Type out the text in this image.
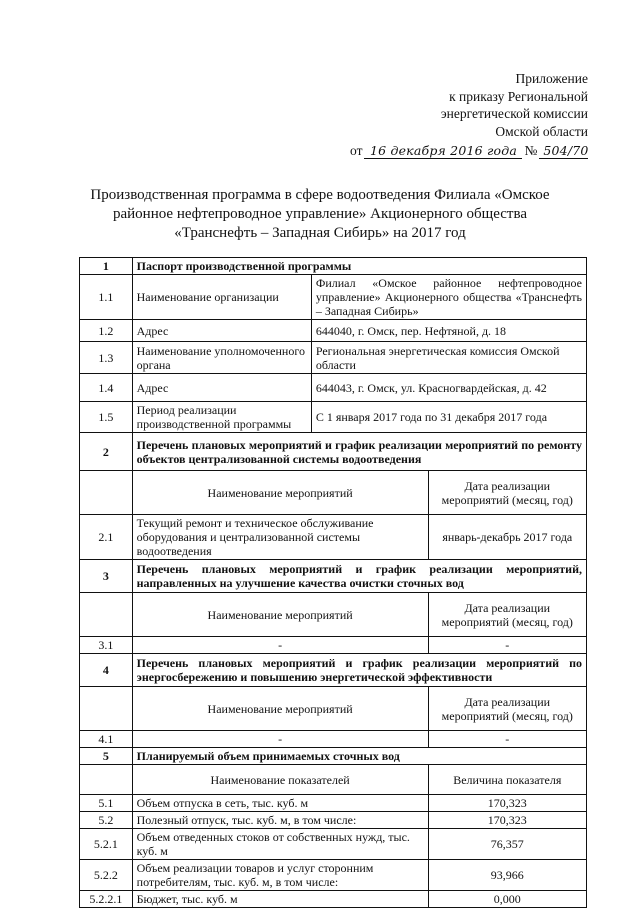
Приложение
к приказу Региональной
энергетической комиссии
Омской области
от 16 декабря 2016 года № 504/70
Производственная программа в сфере водоотведения Филиала «Омское
районное нефтепроводное управление» Акционерного общества
«Транснефть – Западная Сибирь» на 2017 год
1	Паспорт производственной программы		
1.1	Наименование организации	Филиал «Омское районное нефтепроводное управление» Акционерного общества «Транснефть – Западная Сибирь»	
1.2	Адрес	644040, г. Омск, пер. Нефтяной, д. 18	
1.3	Наименование уполномоченного органа	Региональная энергетическая комиссия Омской области	
1.4	Адрес	644043, г. Омск, ул. Красногвардейская, д. 42	
1.5	Период реализации производственной программы	С 1 января 2017 года по 31 декабря 2017 года	
2	Перечень плановых мероприятий и график реализации мероприятий по ремонту объектов централизованной системы водоотведения		
	Наименование мероприятий		Дата реализации мероприятий (месяц, год)
2.1	Текущий ремонт и техническое обслуживание оборудования и централизованной системы водоотведения		январь-декабрь 2017 года
3	Перечень плановых мероприятий и график реализации мероприятий, направленных на улучшение качества очистки сточных вод		
	Наименование мероприятий		Дата реализации мероприятий (месяц, год)
3.1	-		-
4	Перечень плановых мероприятий и график реализации мероприятий по энергосбережению и повышению энергетической эффективности		
	Наименование мероприятий		Дата реализации мероприятий (месяц, год)
4.1	-		-
5	Планируемый объем принимаемых сточных вод		
	Наименование показателей		Величина показателя
5.1	Объем отпуска в сеть, тыс. куб. м		170,323
5.2	Полезный отпуск, тыс. куб. м, в том числе:		170,323
5.2.1	Объем отведенных стоков от собственных нужд, тыс. куб. м		76,357
5.2.2	Объем реализации товаров и услуг сторонним потребителям, тыс. куб. м, в том числе:		93,966
5.2.2.1	Бюджет, тыс. куб. м		0,000
